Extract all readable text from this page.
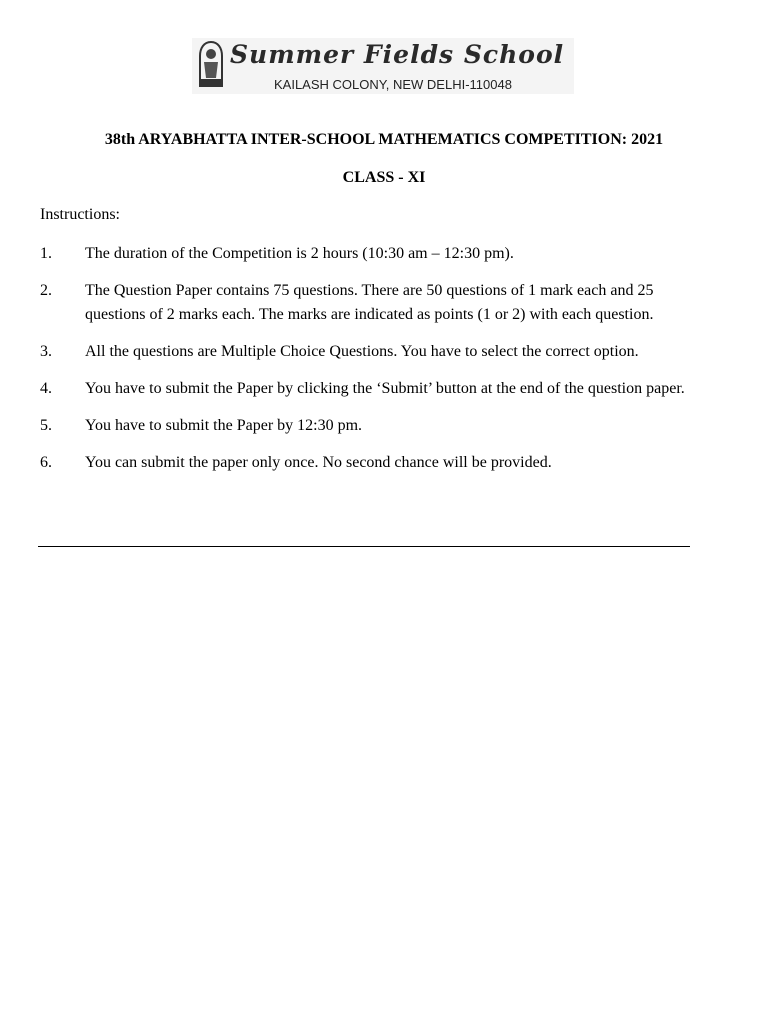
Summer Fields School
KAILASH COLONY, NEW DELHI-110048
38th ARYABHATTA INTER-SCHOOL MATHEMATICS COMPETITION: 2021
CLASS - XI
Instructions:
1.	The duration of the Competition is 2 hours (10:30 am – 12:30 pm).
2.	The Question Paper contains 75 questions. There are 50 questions of 1 mark each and 25 questions of 2 marks each. The marks are indicated as points (1 or 2) with each question.
3.	All the questions are Multiple Choice Questions. You have to select the correct option.
4.	You have to submit the Paper by clicking the ‘Submit’ button at the end of the question paper.
5.	You have to submit the Paper by 12:30 pm.
6.	You can submit the paper only once. No second chance will be provided.
